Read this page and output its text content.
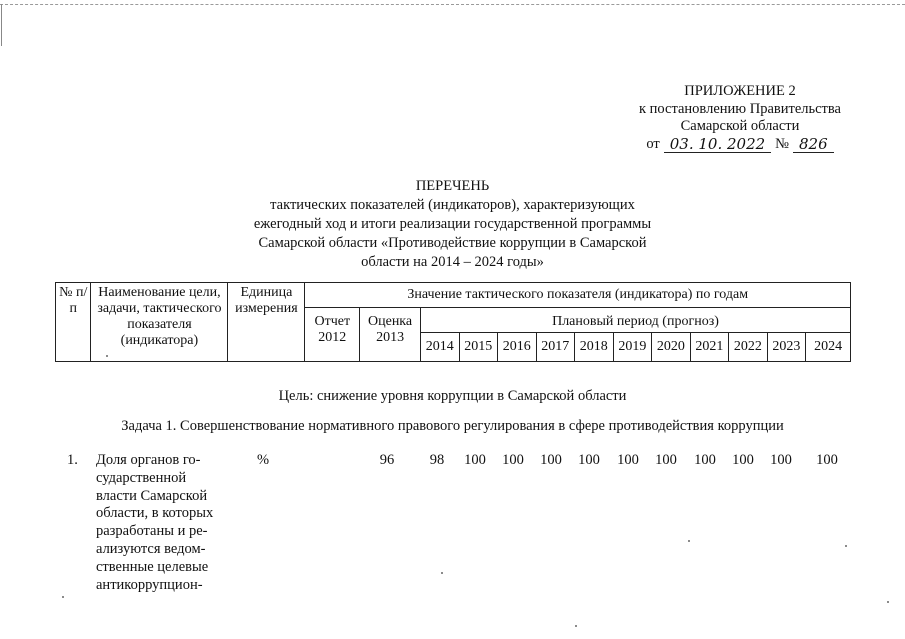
ПРИЛОЖЕНИЕ 2
к постановлению Правительства
Самарской области
от 03. 10. 2022 № 826
ПЕРЕЧЕНЬ
тактических показателей (индикаторов), характеризующих
ежегодный ход и итоги реализации государственной программы
Самарской области «Противодействие коррупции в Самарской
области на 2014 – 2024 годы»
№ п/п	Наименование цели, задачи, тактического показателя (индикатора)	Единица измерения	Значение тактического показателя (индикатора) по годам												
			Отчет 2012	Оценка 2013	Плановый период (прогноз)										
					2014	2015	2016	2017	2018	2019	2020	2021	2022	2023	2024
Цель: снижение уровня коррупции в Самарской области
Задача 1. Совершенствование нормативного правового регулирования в сфере противодействия коррупции
1. Доля органов го-
сударственной
власти Самарской
области, в которых
разработаны и ре-
ализуются ведом-
ственные целевые
антикоррупцион-
%	96	98	100	100	100	100	100	100	100	100	100	100
